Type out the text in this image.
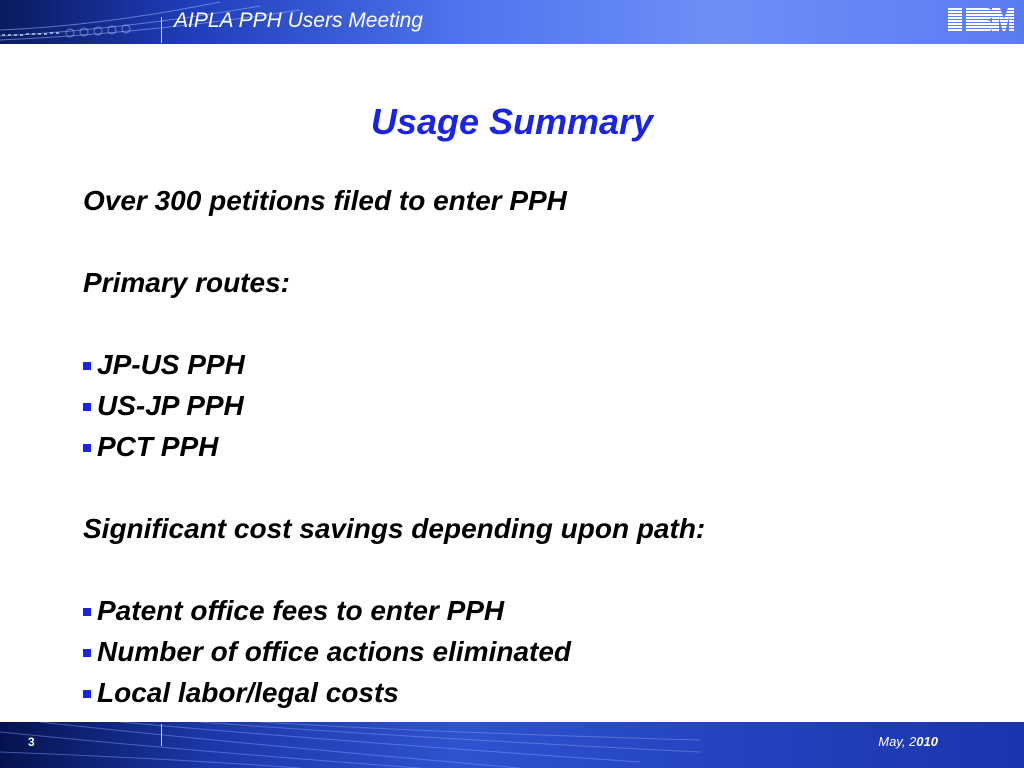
AIPLA PPH Users Meeting
Usage Summary

Over 300 petitions filed to enter PPH

Primary routes:

JP-US PPH

US-JP PPH

PCT PPH

Significant cost savings depending upon path:

Patent office fees to enter PPH

Number of office actions eliminated

Local labor/legal costs

3	May, 2010
